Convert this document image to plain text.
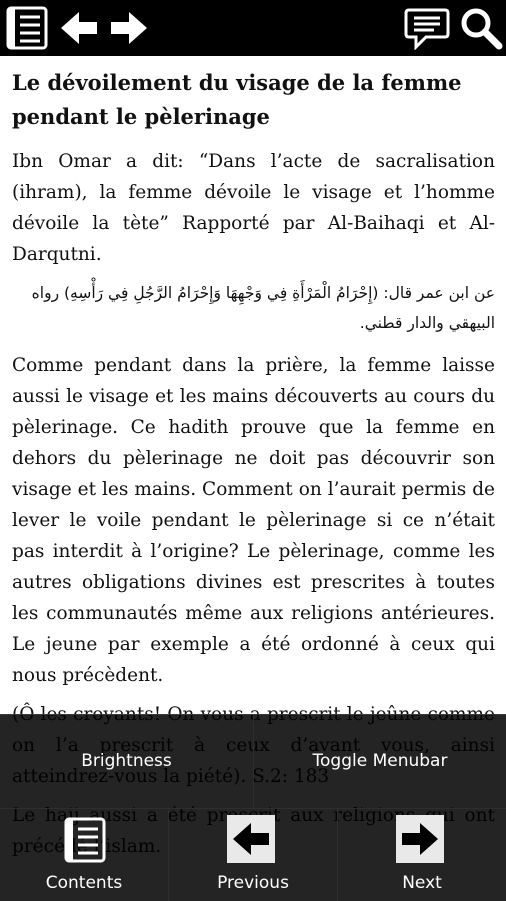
Le dévoilement du visage de la femme pendant le pèlerinage

Ibn Omar a dit: “Dans l’acte de sacralisation (ihram), la femme dévoile le visage et l’homme dévoile la tète” Rapporté par Al-Baihaqi et Al-Darqutni.

عن ابن عمر قال: (إِحْرَامُ الْمَرْأَةِ فِي وَجْهِهَا وَإِحْرَامُ الرَّجُلِ فِي رَأْسِهِ) رواه البيهقي والدار قطني.

Comme pendant dans la prière, la femme laisse aussi le visage et les mains découverts au cours du pèlerinage. Ce hadith prouve que la femme en dehors du pèlerinage ne doit pas découvrir son visage et les mains. Comment on l’aurait permis de lever le voile pendant le pèlerinage si ce n’était pas interdit à l’origine? Le pèlerinage, comme les autres obligations divines est prescrites à toutes les communautés même aux religions antérieures. Le jeune par exemple a été ordonné à ceux qui nous précèdent.

Brightness	Toggle Menubar
Contents	Previous	Next
